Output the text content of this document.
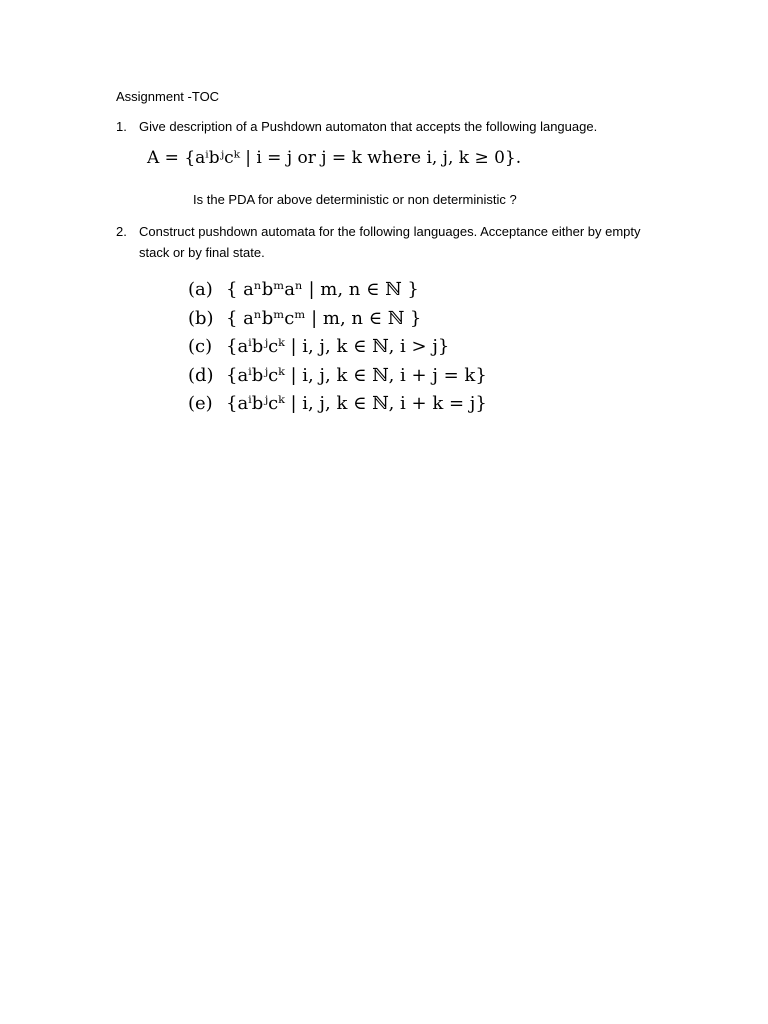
Assignment -TOC
1. Give description of a Pushdown automaton that accepts the following language.
A = {aⁱbʲcᵏ | i = j or j = k where i, j, k ≥ 0}.
Is the PDA for above deterministic or non deterministic ?
2. Construct pushdown automata for the following languages. Acceptance either by empty stack or by final state.
(a) { aⁿbᵐaⁿ | m, n ∈ ℕ }
(b) { aⁿbᵐcᵐ | m, n ∈ ℕ }
(c) {aⁱbʲcᵏ | i, j, k ∈ ℕ, i > j}
(d) {aⁱbʲcᵏ | i, j, k ∈ ℕ, i + j = k}
(e) {aⁱbʲcᵏ | i, j, k ∈ ℕ, i + k = j}
